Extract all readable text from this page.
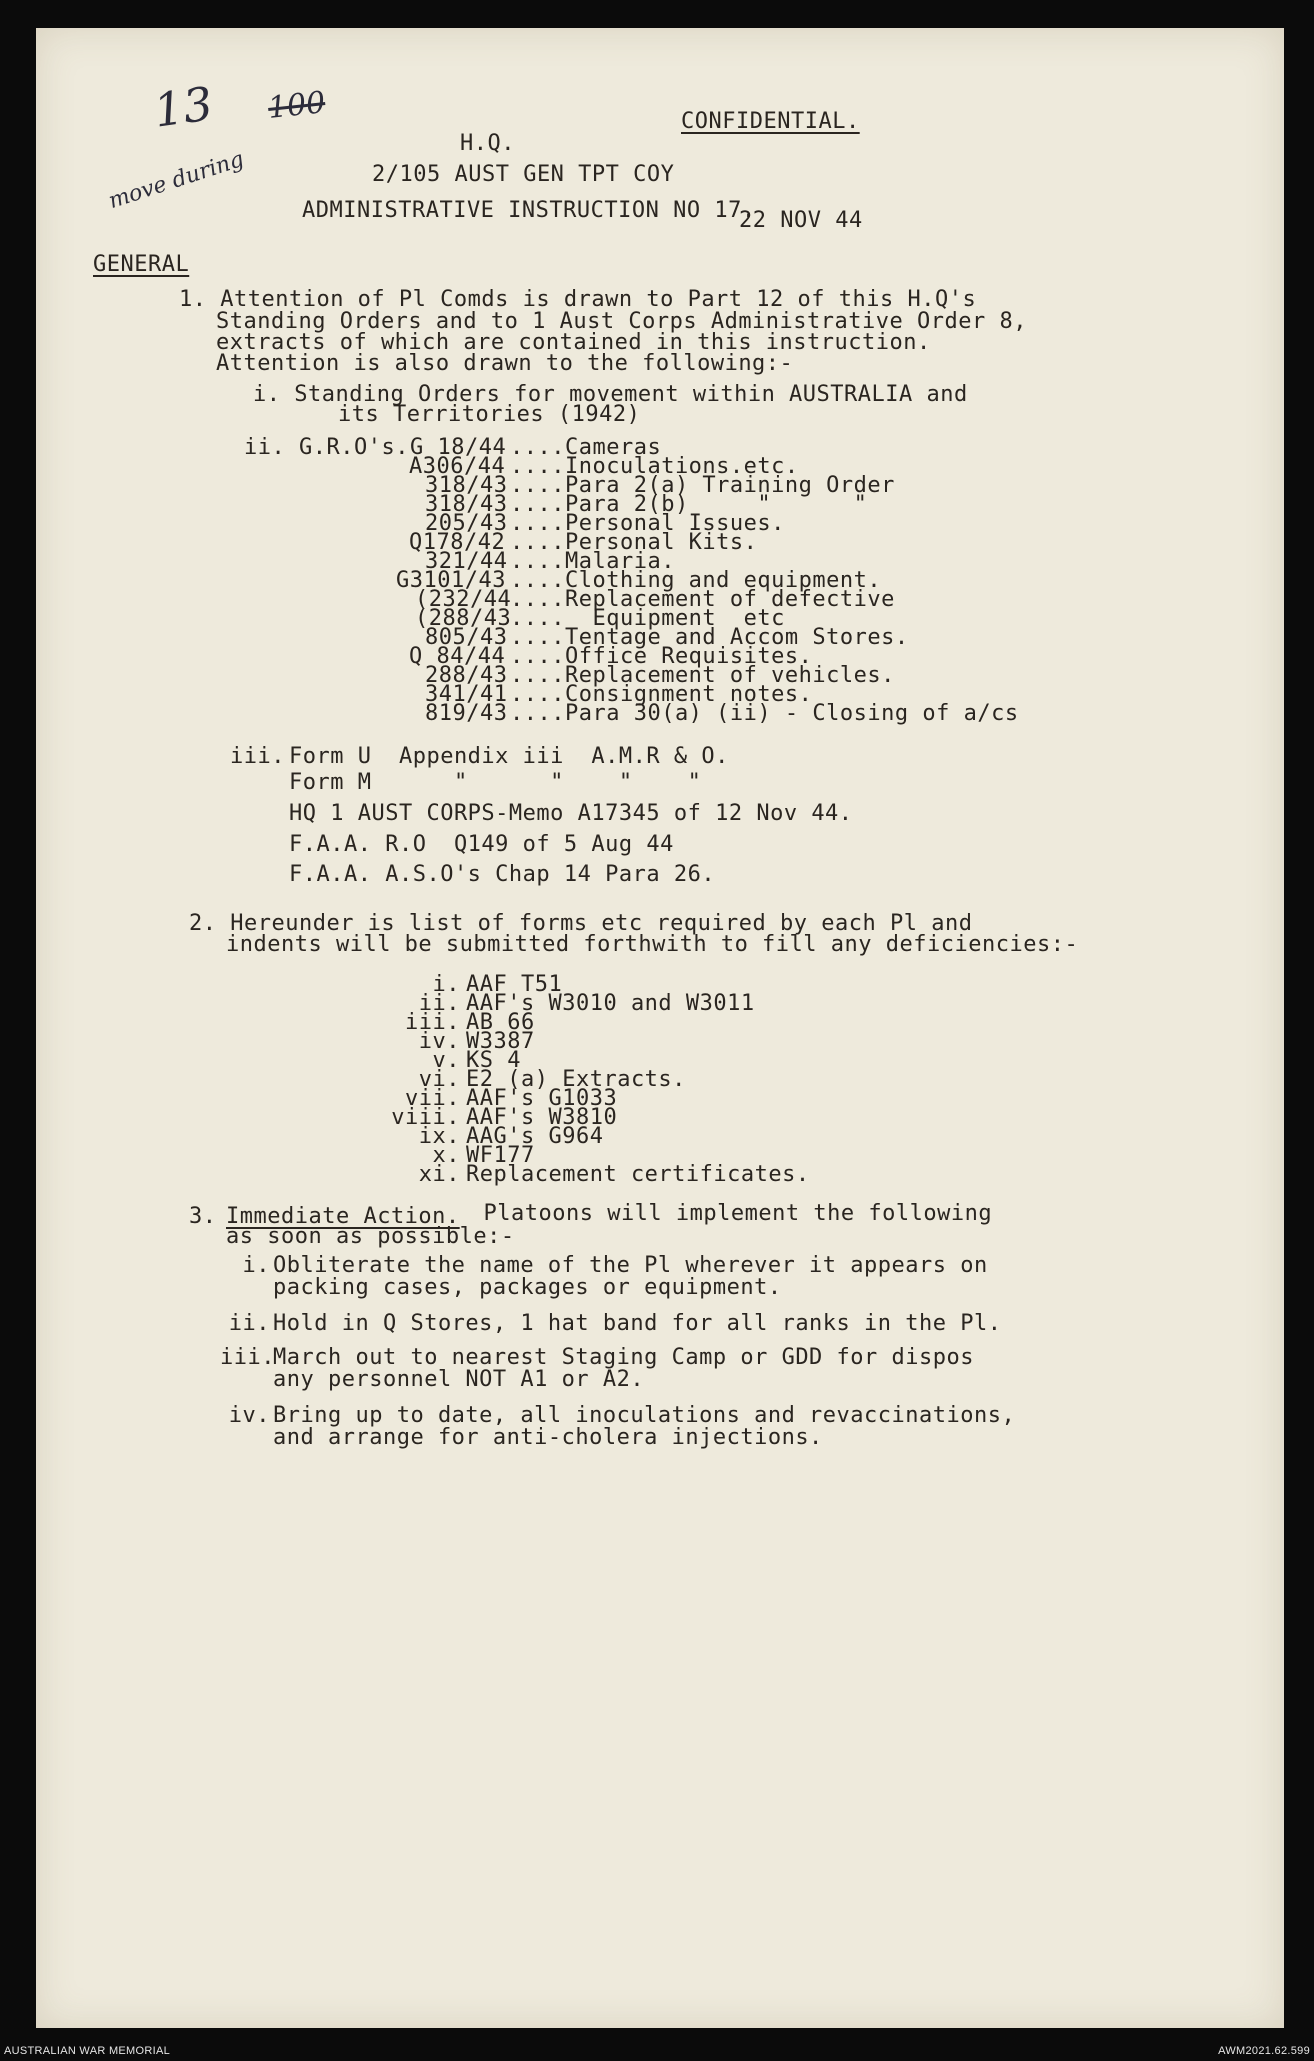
13 100
move during
CONFIDENTIAL.
H.Q.
2/105 AUST GEN TPT COY
ADMINISTRATIVE INSTRUCTION NO 17.
22 NOV 44
GENERAL
1. Attention of Pl Comds is drawn to Part 12 of this H.Q's
Standing Orders and to 1 Aust Corps Administrative Order 8,
extracts of which are contained in this instruction.
Attention is also drawn to the following:-
i. Standing Orders for movement within AUSTRALIA and
its Territories (1942)
ii. G.R.O's. G 18/44 ....Cameras
A306/44 ....Inoculations.etc.
318/43 ....Para 2(a) Training Order
318/43 ....Para 2(b)     "      "
205/43 ....Personal Issues.
Q178/42 ....Personal Kits.
321/44 ....Malaria.
G3101/43 ....Clothing and equipment.
(232/44
....Replacement of defective
(288/43
....  Equipment  etc
805/43 ....Tentage and Accom Stores.
Q 84/44 ....Office Requisites.
288/43 ....Replacement of vehicles.
341/41 ....Consignment notes.
819/43 ....Para 30(a) (ii) - Closing of a/cs
iii. Form U  Appendix iii  A.M.R & O.
Form M      "      "    "    "
HQ 1 AUST CORPS-Memo A17345 of 12 Nov 44.
F.A.A. R.O  Q149 of 5 Aug 44
F.A.A. A.S.O's Chap 14 Para 26.
2. Hereunder is list of forms etc required by each Pl and
indents will be submitted forthwith to fill any deficiencies:-
i. AAF T51
ii. AAF's W3010 and W3011
iii. AB 66
iv. W3387
v. KS 4
vi. E2 (a) Extracts.
vii. AAF's G1033
viii. AAF's W3810
ix. AAG's G964
x. WF177
xi. Replacement certificates.
3. Immediate Action.
Platoons will implement the following
as soon as possible:-
i. Obliterate the name of the Pl wherever it appears on
packing cases, packages or equipment.
ii. Hold in Q Stores, 1 hat band for all ranks in the Pl.
iii.
March out to nearest Staging Camp or GDD for dispos
any personnel NOT A1 or A2.
iv. Bring up to date, all inoculations and revaccinations,
and arrange for anti-cholera injections.
AUSTRALIAN WAR MEMORIAL	AWM2021.62.599
